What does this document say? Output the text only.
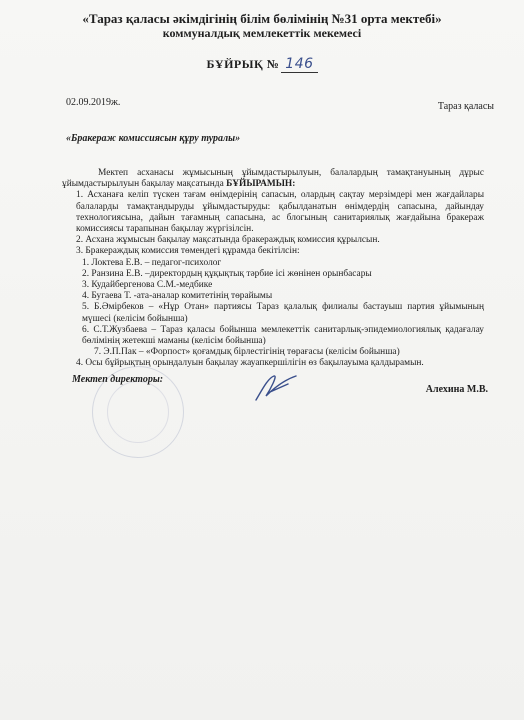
«Тараз қаласы әкімдігінің білім бөлімінің №31 орта мектебі»
коммуналдық мемлекеттік мекемесі
БҰЙРЫҚ № 146
02.09.2019ж.	Тараз қаласы
«Бракераж комиссиясын құру туралы»

Мектеп асханасы жұмысының ұйымдастырылуын, балалардың тамақтануының дұрыс ұйымдастырылуын бақылау мақсатында БҰЙЫРАМЫН:

1. Асханаға келіп түскен тағам өнімдерінің сапасын, олардың сақтау мерзімдері мен жағдайлары балаларды тамақтандыруды ұйымдастыруды: қабылданатын өнімдердің сапасына, дайындау технологиясына, дайын тағамның сапасына, ас блогының санитариялық жағдайына бракераж комиссиясы тарапынан бақылау жүргізілсін.

2. Асхана жұмысын бақылау мақсатында бракераждық комиссия құрылсын.

3. Бракераждық комиссия төмендегі құрамда бекітілсін:

1. Локтева Е.В. – педагог-психолог

2. Ранзина Е.В. –директордың құқықтық тәрбие ісі жөнінен орынбасары

3. Кудайбергенова С.М.-медбике

4. Бугаева Т. -ата-аналар комитетінің төрайымы

5. Б.Әмірбеков – «Нұр Отан» партиясы Тараз қалалық филиалы бастауыш партия ұйымының мүшесі (келісім бойынша)

6. С.Т.Жузбаева – Тараз қаласы бойынша мемлекеттік санитарлық-эпидемиологиялық қадағалау бөлімінің жетекші маманы (келісім бойынша)

7. Э.П.Пак – «Форпост» қоғамдық бірлестігінің төрағасы (келісім бойынша)

4. Осы бұйрықтың орындалуын бақылау жауапкершілігін өз бақылауыма қалдырамын.

Мектеп директоры:
Алехина М.В.
